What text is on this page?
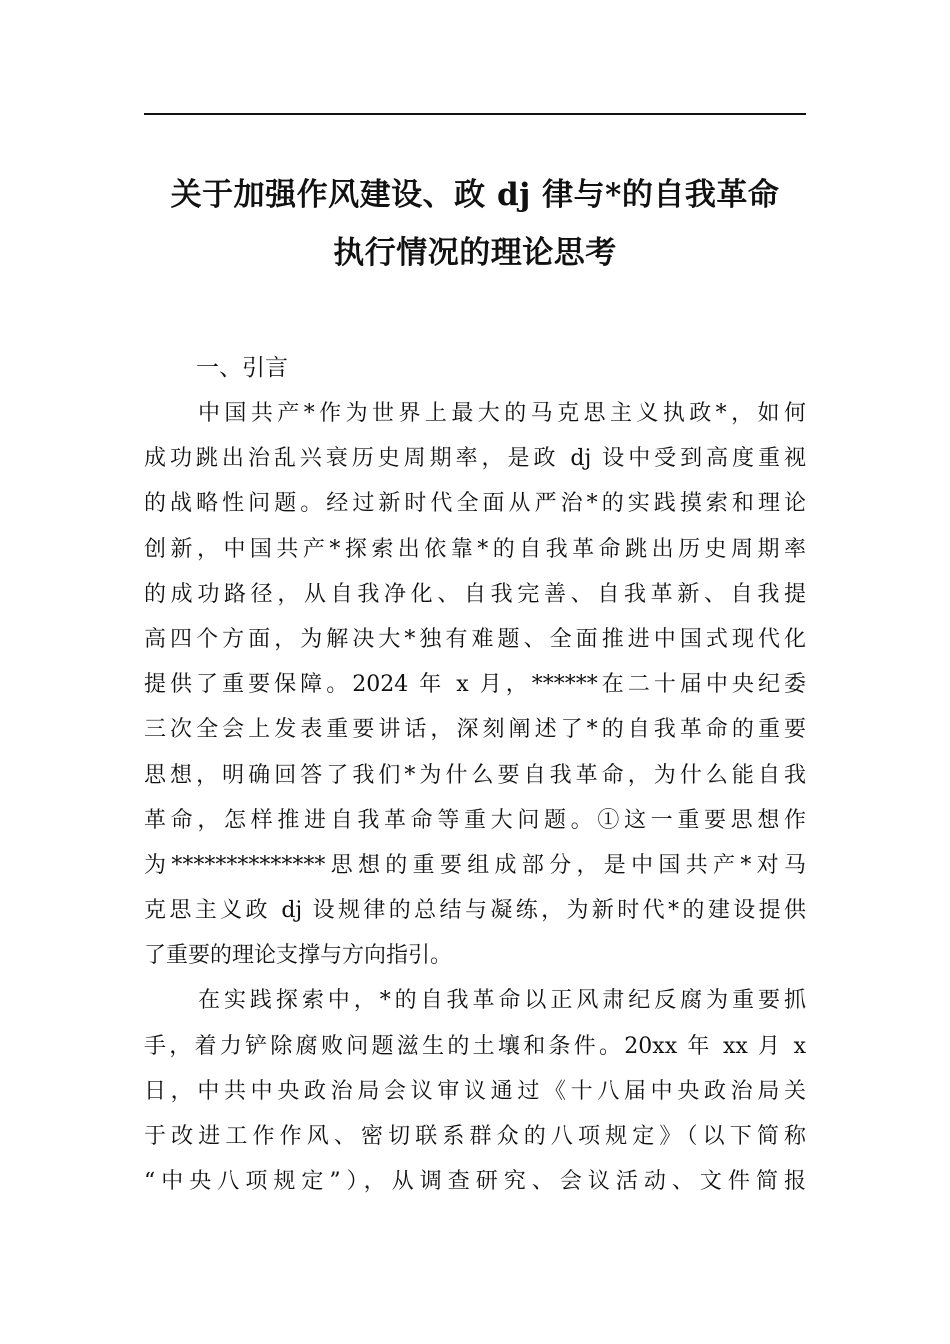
关于加强作风建设、政 dj 律与*的自我革命
执行情况的理论思考
一、引言

中国共产*作为世界上最大的马克思主义执政*，如何
成功跳出治乱兴衰历史周期率，是政 dj 设中受到高度重视
的战略性问题。经过新时代全面从严治*的实践摸索和理论
创新，中国共产*探索出依靠*的自我革命跳出历史周期率
的成功路径，从自我净化、自我完善、自我革新、自我提
高四个方面，为解决大*独有难题、全面推进中国式现代化
提供了重要保障。2024 年 x 月，******在二十届中央纪委
三次全会上发表重要讲话，深刻阐述了*的自我革命的重要
思想，明确回答了我们*为什么要自我革命，为什么能自我
革命，怎样推进自我革命等重大问题。①这一重要思想作
为**************思想的重要组成部分，是中国共产*对马
克思主义政 dj 设规律的总结与凝练，为新时代*的建设提供
了重要的理论支撑与方向指引。

在实践探索中，*的自我革命以正风肃纪反腐为重要抓
手，着力铲除腐败问题滋生的土壤和条件。20xx 年 xx 月 x
日，中共中央政治局会议审议通过《十八届中央政治局关
于改进工作作风、密切联系群众的八项规定》（以下简称
“中央八项规定”），从调查研究、会议活动、文件简报
